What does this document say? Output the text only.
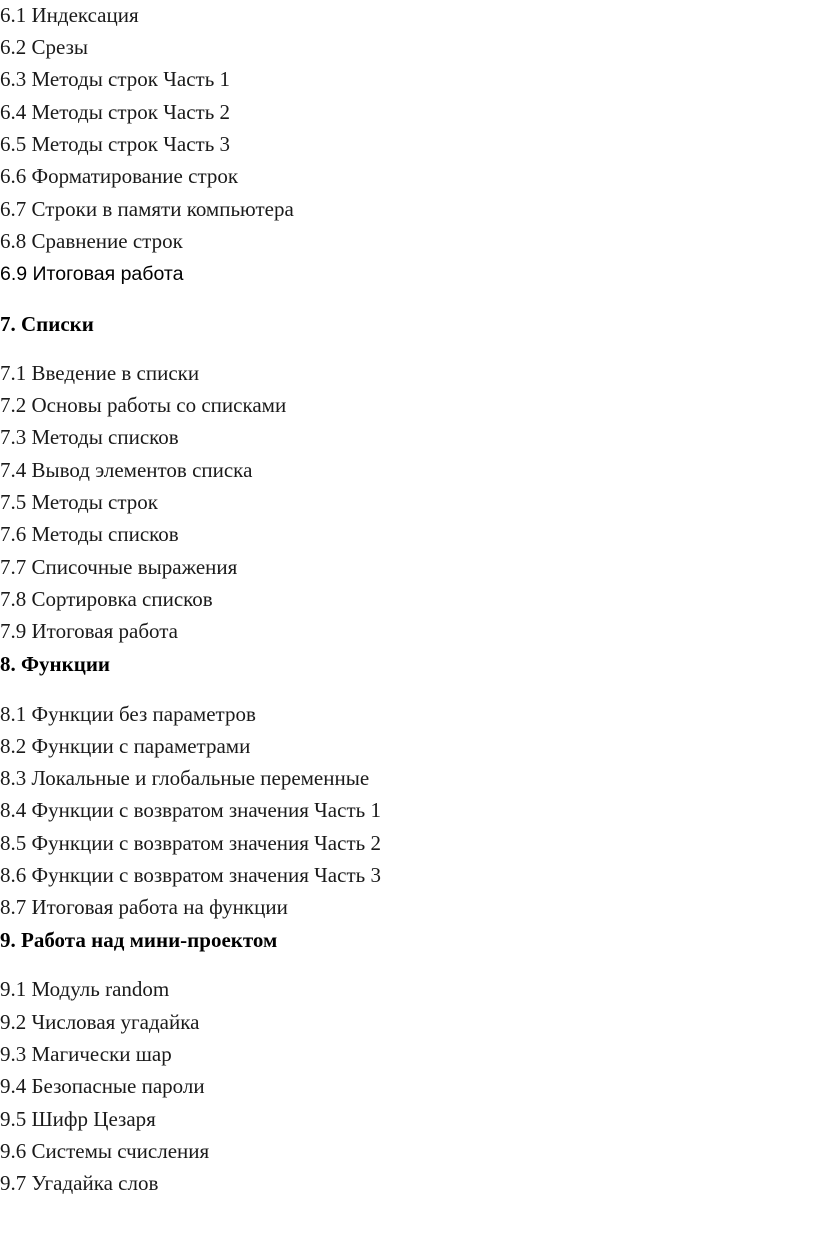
6.1 Индексация

6.2 Срезы

6.3 Методы строк Часть 1

6.4 Методы строк Часть 2

6.5 Методы строк Часть 3

6.6 Форматирование строк

6.7 Строки в памяти компьютера

6.8 Сравнение строк

6.9 Итоговая работа

7. Списки

7.1 Введение в списки

7.2 Основы работы со списками

7.3 Методы списков

7.4 Вывод элементов списка

7.5 Методы строк

7.6 Методы списков

7.7 Списочные выражения

7.8 Сортировка списков

7.9 Итоговая работа

8. Функции

8.1 Функции без параметров

8.2 Функции с параметрами

8.3 Локальные и глобальные переменные

8.4 Функции с возвратом значения Часть 1

8.5 Функции с возвратом значения Часть 2

8.6 Функции с возвратом значения Часть 3

8.7 Итоговая работа на функции

9. Работа над мини-проектом

9.1 Модуль random

9.2 Числовая угадайка

9.3 Магически шар

9.4 Безопасные пароли

9.5 Шифр Цезаря

9.6 Системы счисления

9.7 Угадайка слов
